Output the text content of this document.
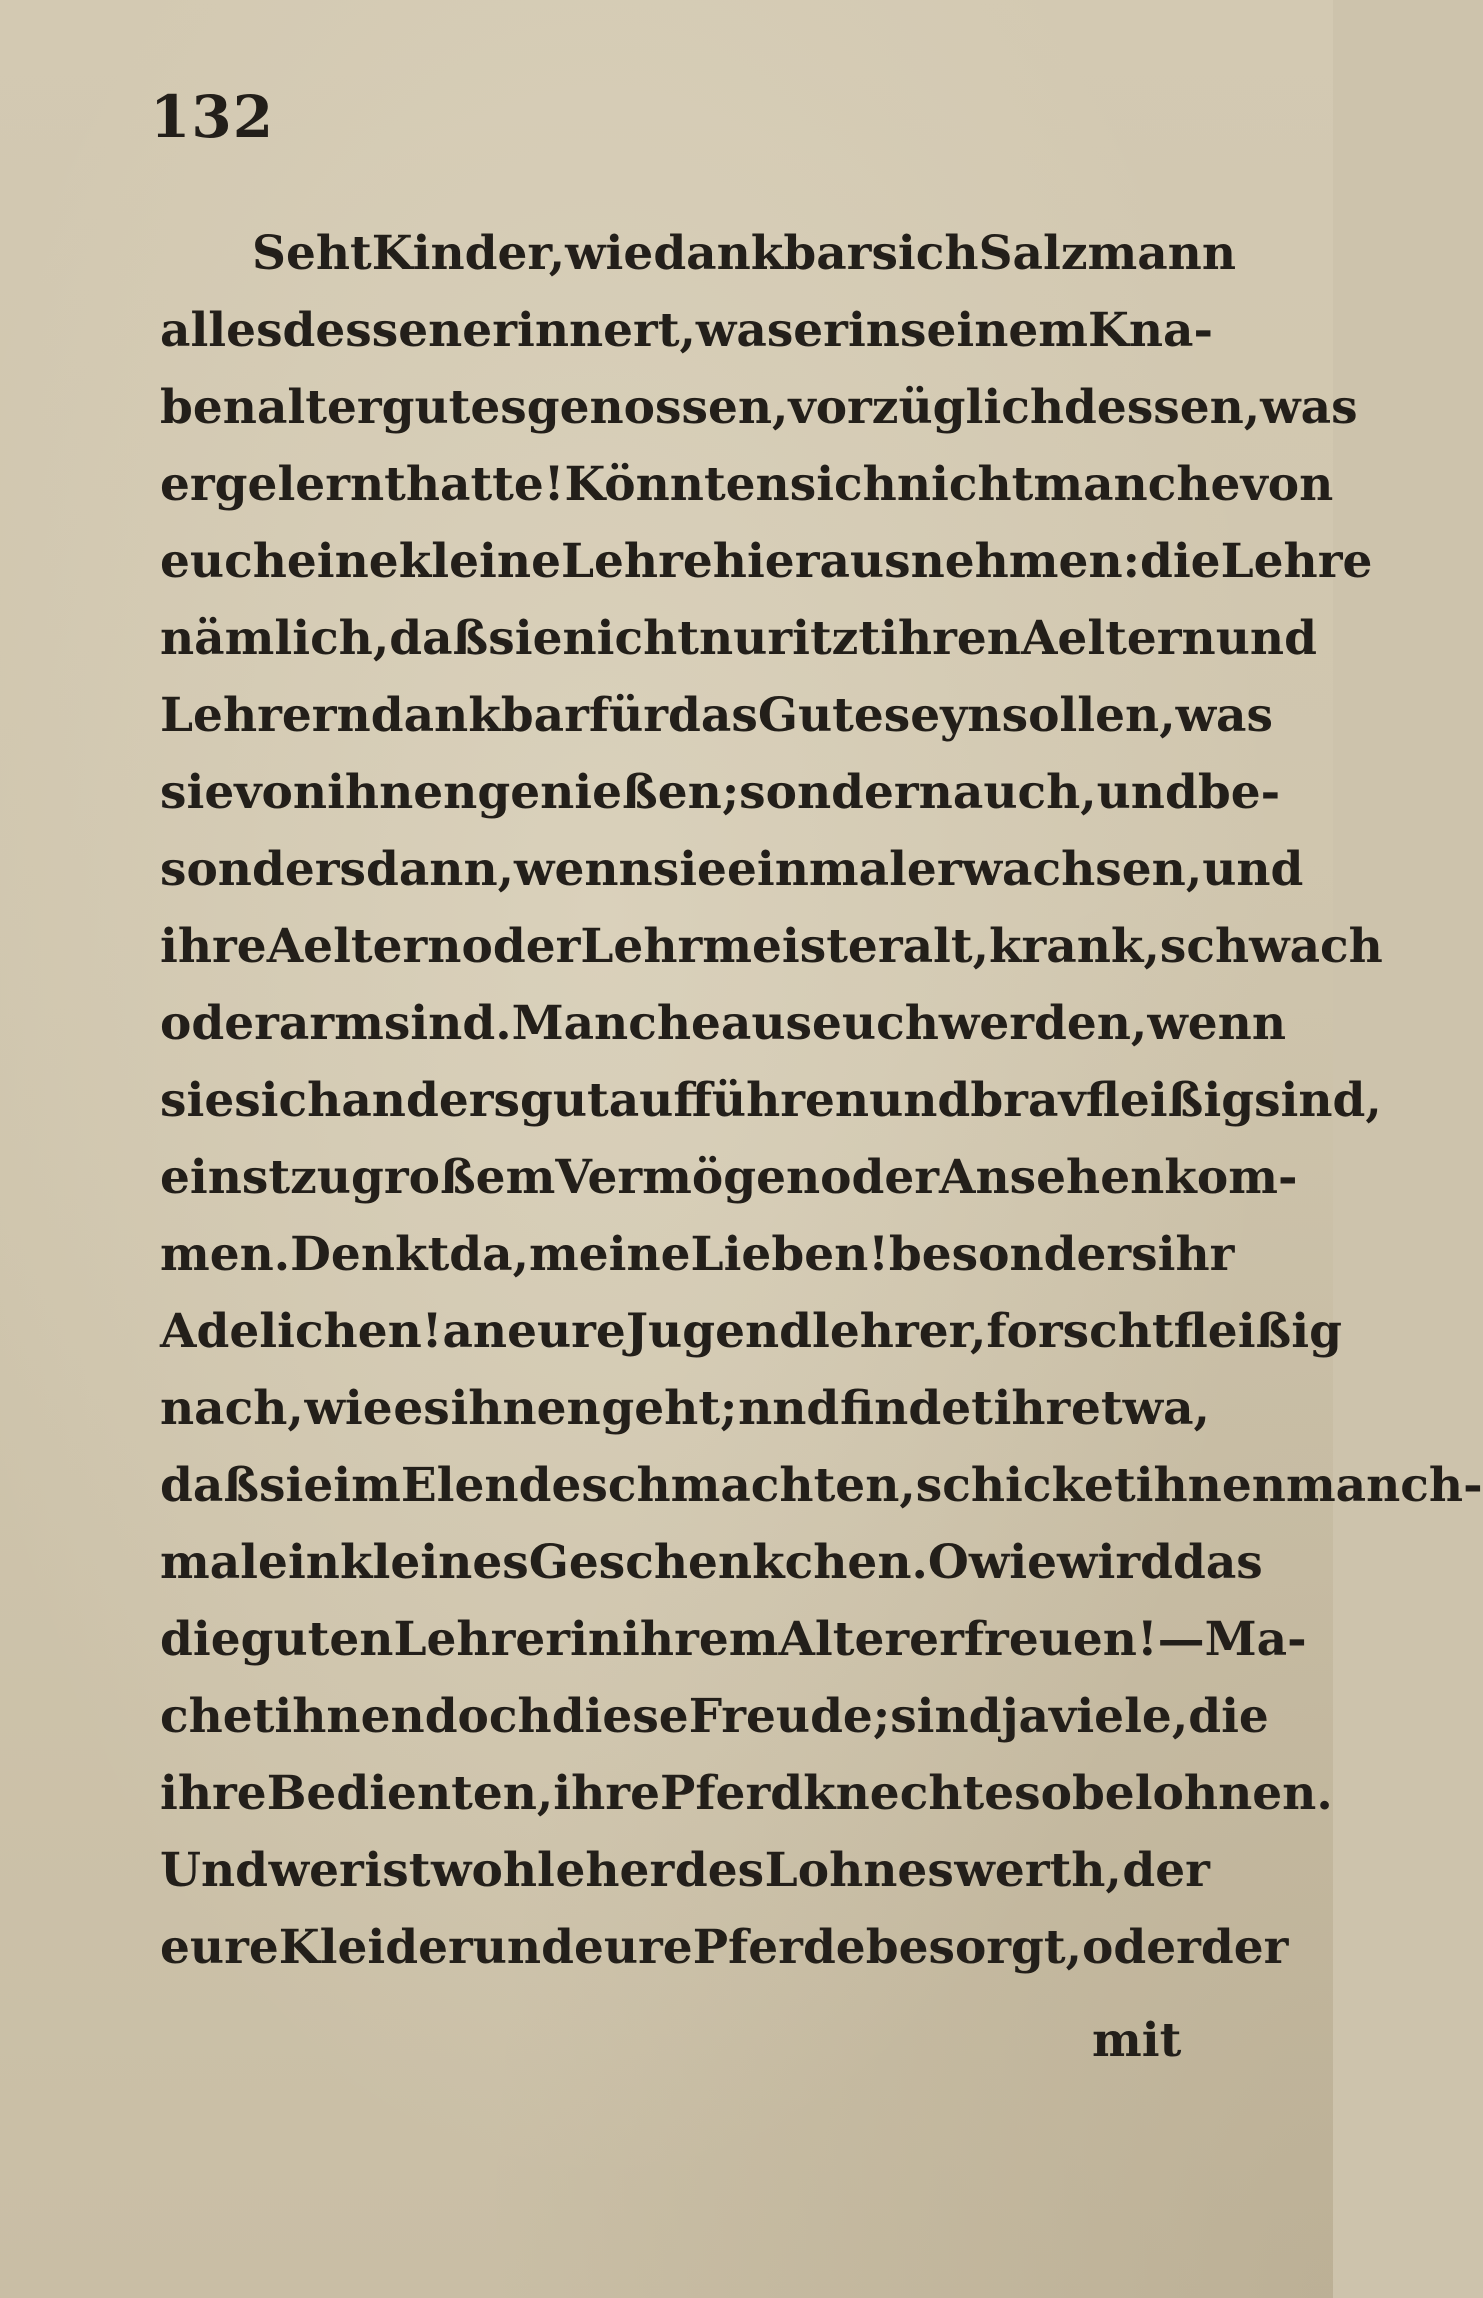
132
Seht Kinder, wie dankbar sich Salzmann
alles dessen erinnert, was er in seinem Kna-
benalter gutes genossen, vorzüglich dessen, was
er gelernt hatte! Könnten sich nicht manche von
euch eine kleine Lehre hieraus nehmen: die Lehre
nämlich, daß sie nicht nur itzt ihren Aeltern und
Lehrern dankbar für das Gute seyn sollen, was
sie von ihnen genießen; sondern auch, und be-
sonders dann, wenn sie einmal erwachsen, und
ihre Aeltern oder Lehrmeister alt, krank, schwach
oder arm sind. Manche aus euch werden, wenn
sie sich anders gut aufführen und brav fleißig sind,
einst zu großem Vermögen oder Ansehen kom-
men. Denkt da, meine Lieben! besonders ihr
Adelichen! an eure Jugendlehrer, forscht fleißig
nach, wie es ihnen geht; nnd findet ihr etwa,
daß sie im Elende schmachten, schicket ihnen manch-
mal ein kleines Geschenkchen. O wie wird das
die guten Lehrer in ihrem Alter erfreuen! — Ma-
chet ihnen doch diese Freude; sind ja viele, die
ihre Bedienten, ihre Pferdknechte so belohnen.
Und wer ist wohl eher des Lohnes werth, der
eure Kleider und eure Pferde besorgt, oder der
mit
